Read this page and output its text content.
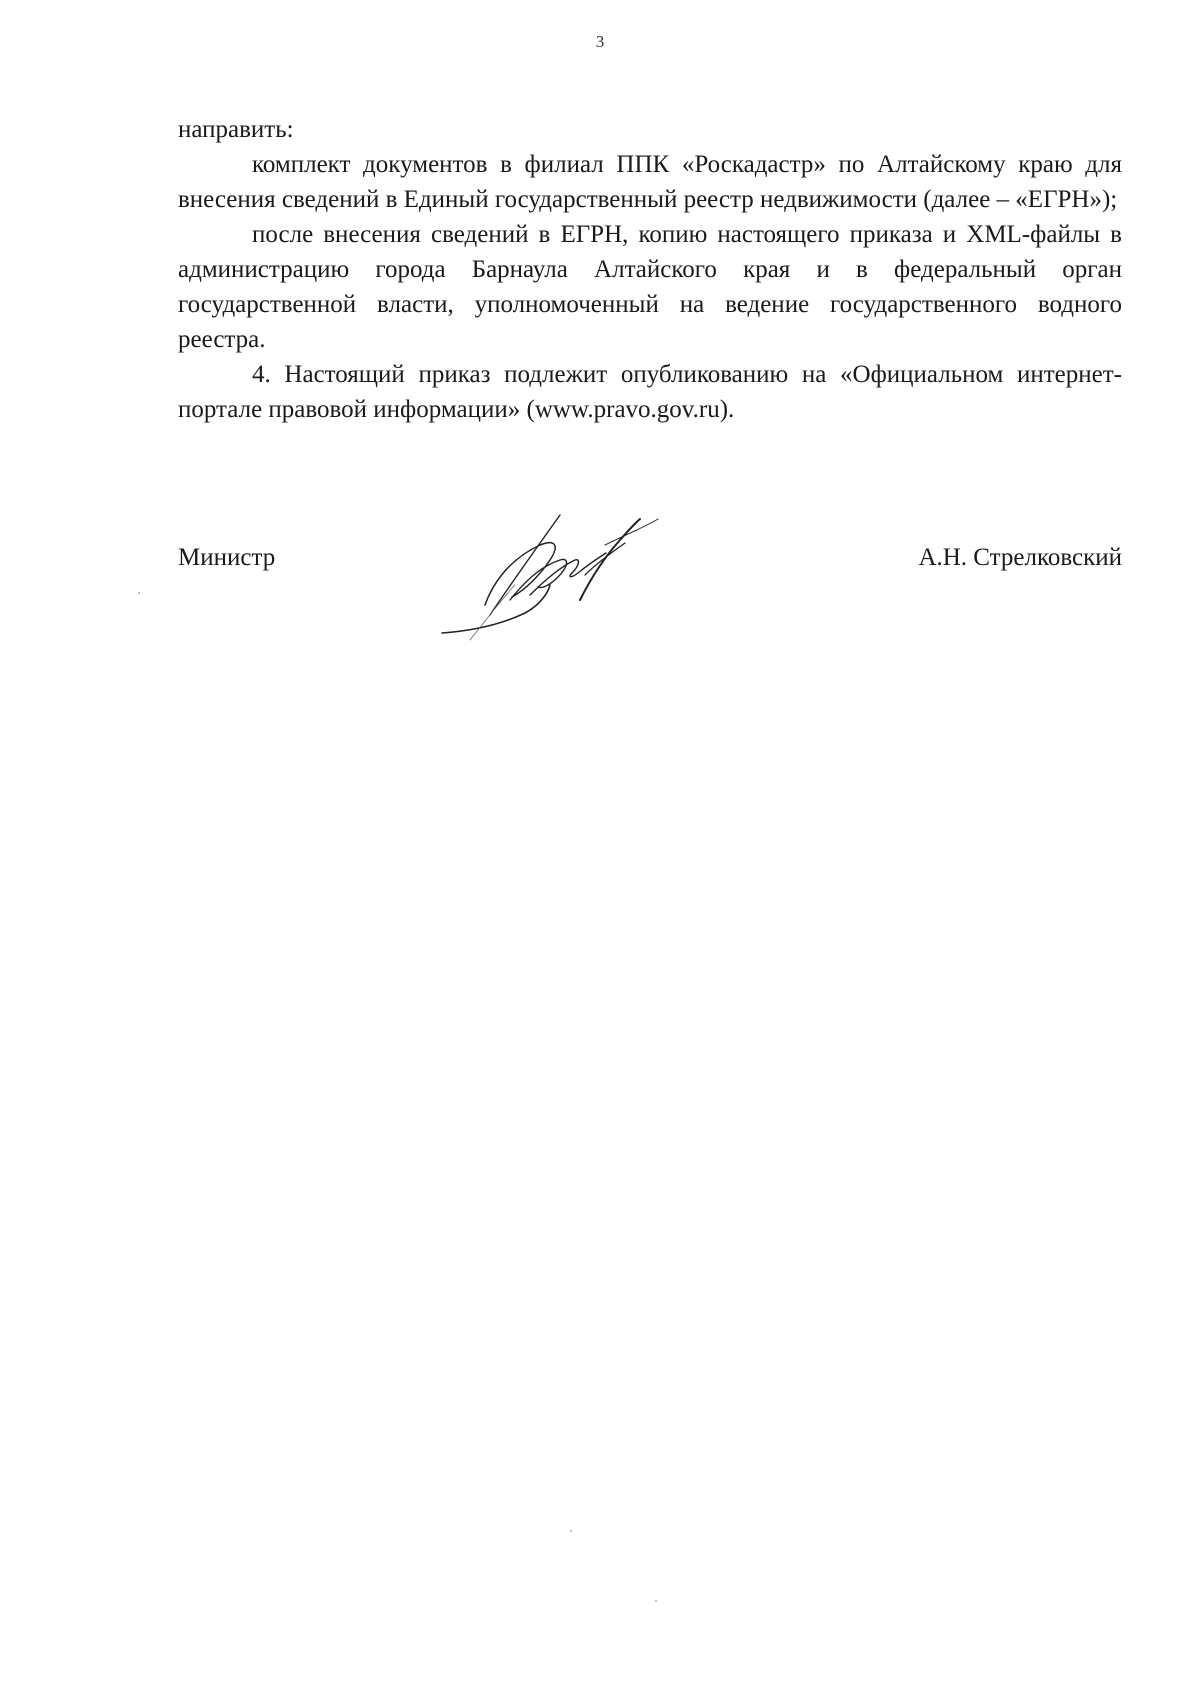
3

направить:

комплект документов в филиал ППК «Роскадастр» по Алтайскому краю для внесения сведений в Единый государственный реестр недвижимости (далее – «ЕГРН»);

после внесения сведений в ЕГРН, копию настоящего приказа и XML-файлы в администрацию города Барнаула Алтайского края и в федеральный орган государственной власти, уполномоченный на ведение государственного водного реестра.

4. Настоящий приказ подлежит опубликованию на «Официальном интернет-портале правовой информации» (www.pravo.gov.ru).

Министр	А.Н. Стрелковский
